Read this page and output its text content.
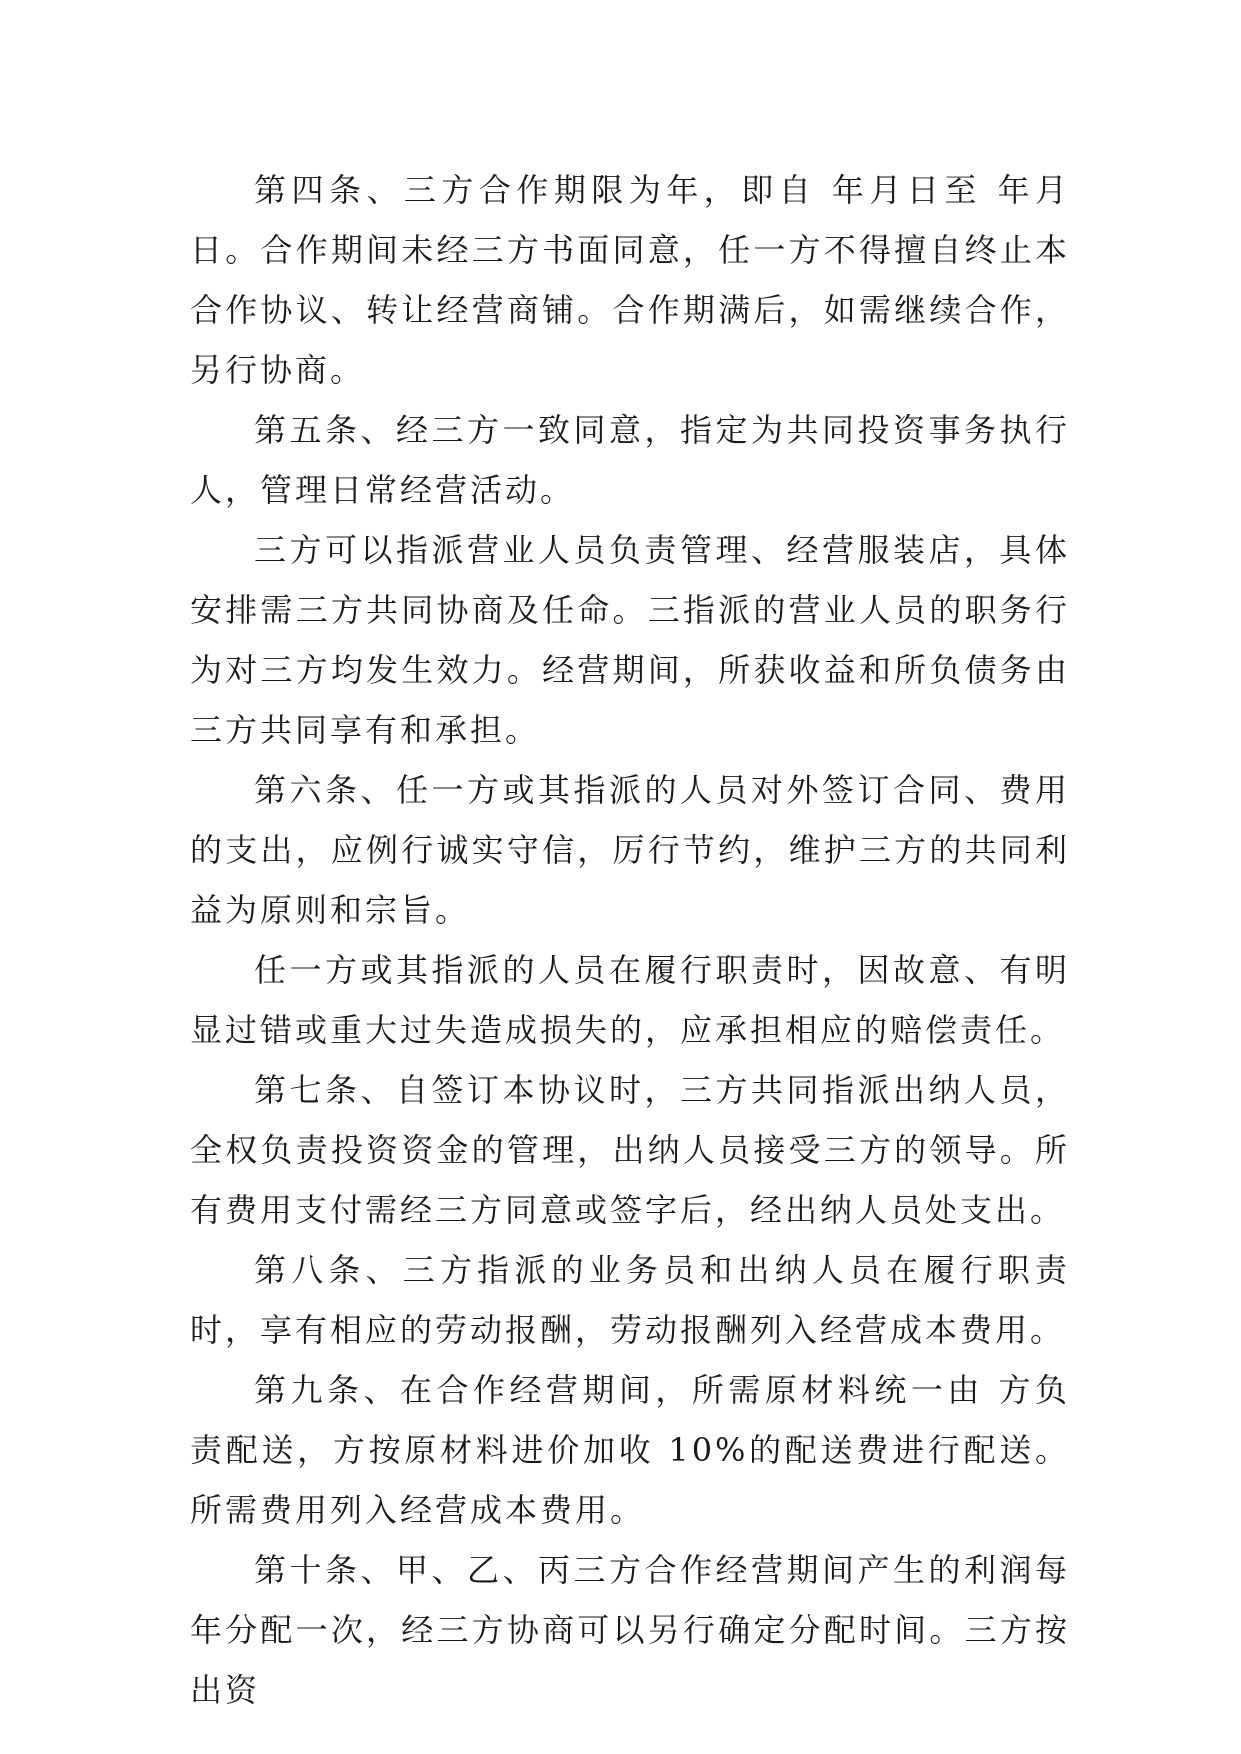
第四条、三方合作期限为年，即自 年月日至 年月 日。合作期间未经三方书面同意，任一方不得擅自终止本合作协议、转让经营商铺。合作期满后，如需继续合作，另行协商。

第五条、经三方一致同意，指定为共同投资事务执行人，管理日常经营活动。

三方可以指派营业人员负责管理、经营服装店，具体安排需三方共同协商及任命。三指派的营业人员的职务行为对三方均发生效力。经营期间，所获收益和所负债务由三方共同享有和承担。

第六条、任一方或其指派的人员对外签订合同、费用的支出，应例行诚实守信，厉行节约，维护三方的共同利益为原则和宗旨。

任一方或其指派的人员在履行职责时，因故意、有明显过错或重大过失造成损失的，应承担相应的赔偿责任。

第七条、自签订本协议时，三方共同指派出纳人员，全权负责投资资金的管理，出纳人员接受三方的领导。所有费用支付需经三方同意或签字后，经出纳人员处支出。

第八条、三方指派的业务员和出纳人员在履行职责时，享有相应的劳动报酬，劳动报酬列入经营成本费用。

第九条、在合作经营期间，所需原材料统一由 方负责配送，方按原材料进价加收 10%的配送费进行配送。所需费用列入经营成本费用。

第十条、甲、乙、丙三方合作经营期间产生的利润每年分配一次，经三方协商可以另行确定分配时间。三方按出资
